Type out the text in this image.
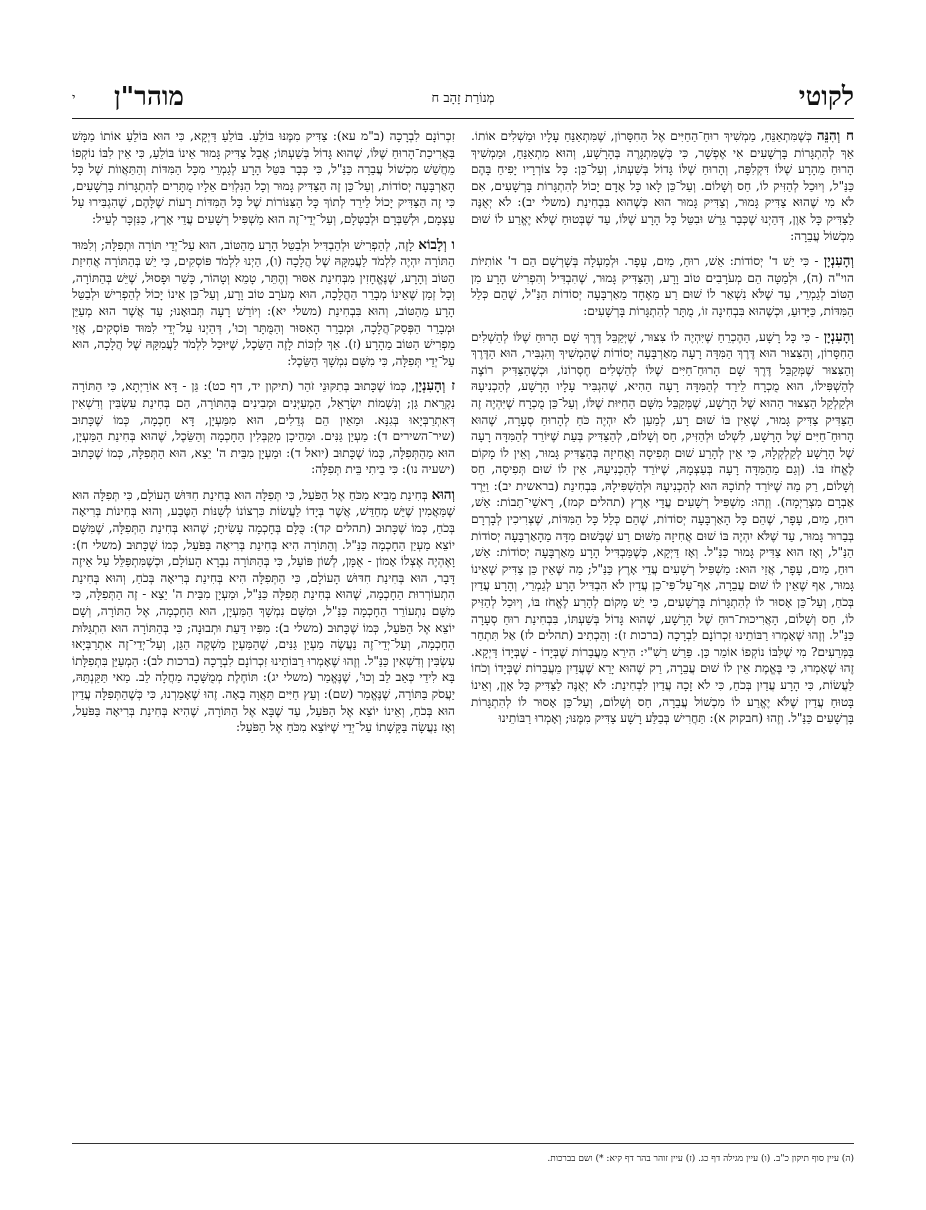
לקוטי
מְנוֹרַת זָהָב ח
מוהר"ן
י

ח וְהִנֵּה כְּשֶׁמִּתְאַנֵּחַ, מַמְשִׁיךְ רוּחַ־הַחַיִּים אֶל הַחִסָּרוֹן, שֶׁמִּתְאַנֵּחַ עָלָיו וּמַשְׁלִים אוֹתוֹ. אַךְ לְהִתְגָּרוֹת בָּרְשָׁעִים אִי אֶפְשָׁר, כִּי כְּשֶׁמִּתְגָּרֶה בְּהָרָשָׁע, וְהוּא מִתְאַנֵּחַ, וּמַמְשִׁיךְ הָרוּחַ מֵהָרָע שֶׁלּוֹ דִּקְלִפָּה, וְהָרוּחַ שֶׁלּוֹ גָּדוֹל בְּשַׁעְתּוֹ, וְעַל־כֵּן: כָּל צוֹרְרָיו יָפִיחַ בָּהֶם כַּנַּ"ל, וְיוּכַל לְהַזִּיק לוֹ, חַס וְשָׁלוֹם. וְעַל־כֵּן לָאו כָּל אָדָם יָכוֹל לְהִתְגָּרוֹת בָּרְשָׁעִים, אִם לֹא מִי שֶׁהוּא צַדִּיק גָּמוּר, וְצַדִּיק גָּמוּר הוּא כְּשֶׁהוּא בִּבְחִינַת (משלי יב): לֹא יְאֻנֶּה לַצַּדִּיק כָּל אָוֶן, דְּהַיְנוּ שֶׁכְּבָר גֵּרֵשׁ וּבִטֵּל כָּל הָרָע שֶׁלּוֹ, עַד שֶׁבְּטוּחַ שֶׁלֹּא יֶאֱרַע לוֹ שׁוּם מִכְשׁוֹל עֲבֵרָה:

וְהָעִנְיָן - כִּי יֵשׁ ד' יְסוֹדוֹת: אֵשׁ, רוּחַ, מַיִם, עָפָר. וּלְמַעְלָה בְּשָׁרְשָׁם הֵם ד' אוֹתִיּוֹת הוי"ה (ה), וּלְמַטָּה הֵם מְעֹרָבִים טוֹב וָרָע, וְהַצַּדִּיק גָּמוּר, שֶׁהִבְדִּיל וְהִפְרִישׁ הָרָע מִן הַטּוֹב לְגַמְרֵי, עַד שֶׁלֹּא נִשְׁאַר לוֹ שׁוּם רַע מֵאֶחָד מֵאַרְבָּעָה יְסוֹדוֹת הַנַּ"ל, שֶׁהֵם כְּלַל הַמִּדּוֹת, כַּיָּדוּעַ, וּכְשֶׁהוּא בִּבְחִינָה זוֹ, מֻתָּר לְהִתְגָּרוֹת בָּרְשָׁעִים:

וְהָעִנְיָן - כִּי כָּל רָשָׁע, הַהֶכְרֵחַ שֶׁיִּהְיֶה לוֹ צִצּוּר, שֶׁיְּקַבֵּל דֶּרֶךְ שָׁם הָרוּחַ שֶׁלּוֹ לְהַשְׁלִים הַחִסָּרוֹן, וְהַצִּצּוּר הוּא דֶּרֶךְ הַמִּדָּה רָעָה מֵאַרְבָּעָה יְסוֹדוֹת שֶׁהַמְשִׁיךְ וְהִגְבִּיר, הוּא הַדֶּרֶךְ וְהַצִּצּוּר שֶׁמְּקַבֵּל דֶּרֶךְ שָׁם הָרוּחַ־חַיִּים שֶׁלּוֹ לְהַשְׁלִים חֶסְרוֹנוֹ, וּכְשֶׁהַצַּדִּיק רוֹצֶה לְהַשְׁפִּילוֹ, הוּא מֻכְרָח לֵירֵד לְהַמִּדָּה רָעָה הַהִיא, שֶׁהִגְבִּיר עָלָיו הָרָשָׁע, לְהַכְנִיעָהּ וּלְקַלְקֵל הַצִּצּוּר הַהוּא שֶׁל הָרָשָׁע, שֶׁמְּקַבֵּל מִשָּׁם הַחִיּוּת שֶׁלּוֹ, וְעַל־כֵּן מֻכְרָח שֶׁיִּהְיֶה זֶה הַצַּדִּיק צַדִּיק גָּמוּר, שֶׁאֵין בּוֹ שׁוּם רָע, לְמַעַן לֹא יִהְיֶה כֹּחַ לְהָרוּחַ סְעָרָה, שֶׁהוּא הָרוּחַ־חַיִּים שֶׁל הָרָשָׁע, לִשְׁלֹט וּלְהַזִּיק, חַס וְשָׁלוֹם, לְהַצַּדִּיק בְּעֵת שֶׁיּוֹרֵד לְהַמִּדָּה רָעָה שֶׁל הָרָשָׁע לְקַלְקְלָהּ, כִּי אֵין לְהָרַע שׁוּם תְּפִיסָה וַאֲחִיזָה בְּהַצַּדִּיק גָּמוּר, וְאֵין לוֹ מָקוֹם לֶאֱחֹז בּוֹ. (וְגַם מֵהַמִּדָּה רָעָה בְּעַצְמָהּ, שֶׁיּוֹרֵד לְהַכְנִיעָהּ, אֵין לוֹ שׁוּם תְּפִיסָה, חַס וְשָׁלוֹם, רַק מַה שֶׁיּוֹרֵד לְתוֹכָהּ הוּא לְהַכְנִיעָהּ וּלְהַשְׁפִּילָהּ, בִּבְחִינַת (בראשית יב): וַיֵּרֶד אַבְרָם מִצְרַיְמָה). וְזֶהוּ: מַשְׁפִּיל רְשָׁעִים עֲדֵי אָרֶץ (תהלים קמז), רָאשֵׁי־תֵבוֹת: אֵשׁ, רוּחַ, מַיִם, עָפָר, שֶׁהֵם כָּל הָאַרְבָּעָה יְסוֹדוֹת, שֶׁהֵם כְּלַל כָּל הַמִּדּוֹת, שֶׁצְּרִיכִין לְבָרְרָם בְּבֵרוּר גָּמוּר, עַד שֶׁלֹּא יִהְיֶה בּוֹ שׁוּם אֲחִיזָה מִשּׁוּם רַע שֶׁבְּשׁוּם מִדָּה מֵהָאַרְבָּעָה יְסוֹדוֹת הַנַּ"ל, וְאָז הוּא צַדִּיק גָּמוּר כַּנַּ"ל. וְאָז דַּיְקָא, כְּשֶׁמַּבְדִּיל הָרָע מֵאַרְבָּעָה יְסוֹדוֹת: אֵשׁ, רוּחַ, מַיִם, עָפָר, אֲזַי הוּא: מַשְׁפִּיל רְשָׁעִים עֲדֵי אָרֶץ כַּנַּ"ל; מַה שֶּׁאֵין כֵּן צַדִּיק שֶׁאֵינוֹ גָּמוּר, אַף שֶׁאֵין לוֹ שׁוּם עֲבֵרָה, אַף־עַל־פִּי־כֵן עֲדַיִן לֹא הִבְדִּיל הָרָע לְגַמְרֵי, וְהָרָע עֲדַיִן בְּכֹחַ, וְעַל־כֵּן אָסוּר לוֹ לְהִתְגָּרוֹת בָּרְשָׁעִים, כִּי יֵשׁ מָקוֹם לְהָרַע לֶאֱחֹז בּוֹ, וְיוּכַל לְהַזִּיק לוֹ, חַס וְשָׁלוֹם, הָאֲרִיכוּת־רוּחַ שֶׁל הָרָשָׁע, שֶׁהוּא גָּדוֹל בְּשַׁעְתּוֹ, בִּבְחִינַת רוּחַ סְעָרָה כַּנַּ"ל. וְזֶהוּ שֶׁאָמְרוּ רַבּוֹתֵינוּ זִכְרוֹנָם לִבְרָכָה (ברכות ז): וְהַכְתִיב (תהלים לז) אַל תִּתְחַר בַּמְּרֵעִים? מִי שֶׁלִּבּוֹ נוֹקְפוֹ אוֹמֵר כֵּן. פֵּרֵשׁ רַשִׁ"י: הִירֵא מֵעֲבֵרוֹת שֶׁבְּיָדוֹ - שֶׁבְּיָדוֹ דַּיְקָא. זֶהוּ שֶׁאָמְרוּ, כִּי בֶּאֱמֶת אֵין לוֹ שׁוּם עֲבֵרָה, רַק שֶׁהוּא יָרֵא שֶׁעֲדַיִן מֵעֲבֵרוֹת שֶׁבְּיָדוֹ וְכֹחוֹ לַעֲשׂוֹת, כִּי הָרָע עֲדַיִן בְּכֹחַ, כִּי לֹא זָכָה עֲדַיִן לִבְחִינַת: לֹא יְאֻנֶּה לַצַּדִּיק כָּל אָוֶן, וְאֵינוֹ בָּטוּחַ עֲדַיִן שֶׁלֹּא יֶאֱרַע לוֹ מִכְשׁוֹל עֲבֵרָה, חַס וְשָׁלוֹם, וְעַל־כֵּן אָסוּר לוֹ לְהִתְגָּרוֹת בָּרְשָׁעִים כַּנַּ"ל. וְזֶהוּ (חבקוק א): תַּחֲרִישׁ בְּבַלַּע רָשָׁע צַדִּיק מִמֶּנּוּ; וְאָמְרוּ רַבּוֹתֵינוּ

זִכְרוֹנָם לִבְרָכָה (ב"מ עא): צַדִּיק מִמֶּנּוּ בּוֹלֵעַ. בּוֹלֵעַ דַּיְקָא, כִּי הוּא בּוֹלֵעַ אוֹתוֹ מַמָּשׁ בַּאֲרִיכַת־הָרוּחַ שֶׁלּוֹ, שֶׁהוּא גָּדוֹל בְּשַׁעְתּוֹ; אֲבָל צַדִּיק גָּמוּר אֵינוֹ בּוֹלֵעַ, כִּי אֵין לִבּוֹ נוֹקְפוֹ מֵחֲשַׁשׁ מִכְשׁוֹל עֲבֵרָה כַּנַּ"ל, כִּי כְּבָר בִּטֵּל הָרָע לְגַמְרֵי מִכָּל הַמִּדּוֹת וְהַתַּאֲווֹת שֶׁל כָּל הָאַרְבָּעָה יְסוֹדוֹת, וְעַל־כֵּן זֶה הַצַּדִּיק גָּמוּר וְכָל הַנִּלְוִים אֵלָיו מֻתָּרִים לְהִתְגָּרוֹת בָּרְשָׁעִים, כִּי זֶה הַצַּדִּיק יָכוֹל לֵירֵד לְתוֹךְ כָּל הַצִּנּוֹרוֹת שֶׁל כָּל הַמִּדּוֹת רָעוֹת שֶׁלָּהֶם, שֶׁהִגְבִּירוּ עַל עַצְמָם, וּלְשַׁבְּרָם וּלְבַטְּלָם, וְעַל־יְדֵי־זֶה הוּא מַשְׁפִּיל רְשָׁעִים עֲדֵי אָרֶץ, כַּנִּזְכָּר לְעֵיל:

ו וְלָבוֹא לָזֶה, לְהַפְרִישׁ וּלְהַבְדִּיל וּלְבַטֵּל הָרָע מֵהַטּוֹב, הוּא עַל־יְדֵי תּוֹרָה וּתְפִלָּה; וְלִמּוּד הַתּוֹרָה יִהְיֶה לִלְמֹד לַעֲמִקָּהּ שֶׁל הֲלָכָה (ו), הַיְנוּ לִלְמֹד פּוֹסְקִים, כִּי יֵשׁ בְּהַתּוֹרָה אֲחִיזַת הַטּוֹב וְהָרָע, שֶׁנֶּאֱחָזִין מִבְּחִינַת אִסּוּר וְהֶתֵּר, טָמֵא וְטָהוֹר, כָּשֵׁר וּפָסוּל, שֶׁיֵּשׁ בְּהַתּוֹרָה, וְכָל זְמַן שֶׁאֵינוֹ מְבָרֵר הַהֲלָכָה, הוּא מְעֹרָב טוֹב וָרָע, וְעַל־כֵּן אֵינוֹ יָכוֹל לְהַפְרִישׁ וּלְבַטֵּל הָרָע מֵהַטּוֹב, וְהוּא בִּבְחִינַת (משלי יא): וְיוֹרֵשׁ רָעָה תְּבוּאָנוּ; עַד אֲשֶׁר הוּא מְעַיֵּן וּמְבָרֵר הַפְּסַק־הֲלָכָה, וּמְבָרֵר הָאִסּוּר וְהַמֻּתָּר וְכוּ', דְּהַיְנוּ עַל־יְדֵי לִמּוּד פּוֹסְקִים, אֲזַי מַפְרִישׁ הַטּוֹב מֵהָרָע (ז). אַךְ לִזְכּוֹת לָזֶה הַשֵּׂכֶל, שֶׁיּוּכַל לִלְמֹד לַעֲמִקָּהּ שֶׁל הֲלָכָה, הוּא עַל־יְדֵי תְּפִלָּה, כִּי מִשָּׁם נִמְשָׁךְ הַשֵּׂכֶל:

ז וְהָעִנְיָן, כְּמוֹ שֶׁכָּתוּב בְּתִקּוּנֵי זֹהַר (תיקון יד, דף כט): גַּן - דָּא אוֹרַיְתָא, כִּי הַתּוֹרָה נִקְרֵאת גַּן; וְנִשְׁמוֹת יִשְׂרָאֵל, הַמְעַיְּנִים וּמְבִינִים בְּהַתּוֹרָה, הֵם בְּחִינַת עִשְׂבִּין וְדִשְׁאִין דְּאִתְרַבְּיָאוּ בְּגִנָּא. וּמֵאַיִן הֵם גְּדֵלִים, הוּא מִמַּעְיָן, דָּא חָכְמָה, כְּמוֹ שֶׁכָּתוּב (שיר־השירים ד): מַעְיַן גַּנִּים. וּמֵהֵיכָן מְקַבְּלִין הַחָכְמָה וְהַשֵּׂכֶל, שֶׁהוּא בְּחִינַת הַמַּעְיָן, הוּא מֵהַתְּפִלָּה, כְּמוֹ שֶׁכָּתוּב (יואל ד): וּמַעְיָן מִבֵּית ה' יֵצֵא, הוּא הַתְּפִלָּה, כְּמוֹ שֶׁכָּתוּב (ישעיה נו): כִּי בֵיתִי בֵּית תְּפִלָּה:

וְהוּא בְּחִינַת מֵבִיא מִכֹּחַ אֶל הַפֹּעַל, כִּי תְּפִלָּה הוּא בְּחִינַת חִדּוּשׁ הָעוֹלָם, כִּי תְּפִלָּה הוּא שֶׁמַּאֲמִין שֶׁיֵּשׁ מְחַדֵּשׁ, אֲשֶׁר בְּיָדוֹ לַעֲשׂוֹת כִּרְצוֹנוֹ לְשַׁנּוֹת הַטֶּבַע, וְהוּא בְּחִינוֹת בְּרִיאָה בְּכֹחַ, כְּמוֹ שֶׁכָּתוּב (תהלים קד): כֻּלָּם בְּחָכְמָה עָשִׂיתָ; שֶׁהוּא בְּחִינַת הַתְּפִלָּה, שֶׁמִּשָּׁם יוֹצֵא מַעְיַן הַחָכְמָה כַּנַּ"ל. וְהַתּוֹרָה הִיא בְּחִינַת בְּרִיאָה בַּפֹּעַל, כְּמוֹ שֶׁכָּתוּב (משלי ח): וָאֶהְיֶה אֶצְלוֹ אָמוֹן - אֻמָּן, לְשׁוֹן פּוֹעֵל, כִּי בְּהַתּוֹרָה נִבְרָא הָעוֹלָם, וּכְשֶׁמִּתְפַּלֵּל עַל אֵיזֶה דָּבָר, הוּא בְּחִינַת חִדּוּשׁ הָעוֹלָם, כִּי הַתְּפִלָּה הִיא בְּחִינַת בְּרִיאָה בְּכֹחַ, וְהוּא בְּחִינַת הִתְעוֹרְרוּת הַחָכְמָה, שֶׁהוּא בְּחִינַת תְּפִלָּה כַּנַּ"ל, וּמַעְיָן מִבֵּית ה' יֵצֵא - זֶה הַתְּפִלָּה, כִּי מִשָּׁם נִתְעוֹרֵר הַחָכְמָה כַּנַּ"ל, וּמִשָּׁם נִמְשָׁךְ הַמַּעְיָן, הוּא הַחָכְמָה, אֶל הַתּוֹרָה, וְשָׁם יוֹצֵא אֶל הַפֹּעַל, כְּמוֹ שֶׁכָּתוּב (משלי ב): מִפִּיו דַּעַת וּתְבוּנָה; כִּי בְּהַתּוֹרָה הוּא הִתְגַּלּוּת הַחָכְמָה, וְעַל־יְדֵי־זֶה נַעֲשֶׂה מַעְיַן גַּנִּים, שֶׁהַמַּעְיָן מַשְׁקֶה הַגַּן, וְעַל־יְדֵי־זֶה אִתְרַבְּיָאוּ עִשְׂבִּין וְדִשְׁאִין כַּנַּ"ל. וְזֶהוּ שֶׁאָמְרוּ רַבּוֹתֵינוּ זִכְרוֹנָם לִבְרָכָה (ברכות לב): הַמְעַיֵּן בִּתְפִלָּתוֹ בָּא לִידֵי כְּאֵב לֵב וְכוּ', שֶׁנֶּאֱמַר (משלי יג): תּוֹחֶלֶת מְמֻשָּׁכָה מַחֲלָה לֵב. מַאי תַּקַּנְתֵּהּ, יַעֲסֹק בַּתּוֹרָה, שֶׁנֶּאֱמַר (שם): וְעֵץ חַיִּים תַּאֲוָה בָאָה. זֶהוּ שֶׁאָמַרְנוּ, כִּי כְּשֶׁהַתְּפִלָּה עֲדַיִן הוּא בְּכֹחַ, וְאֵינוֹ יוֹצֵא אֶל הַפֹּעַל, עַד שֶׁבָּא אֶל הַתּוֹרָה, שֶׁהִיא בְּחִינַת בְּרִיאָה בַּפֹּעַל, וְאָז נַעֲשָׂה בַּקָּשָׁתוֹ עַל־יְדֵי שֶׁיּוֹצֵא מִכֹּחַ אֶל הַפֹּעַל:

(ה) עיין סוף תיקון כ"ב. (ו) עיין מגילה דף כג. (ז) עיין זוהר בהר דף קיא: *) ושם בברכות.
